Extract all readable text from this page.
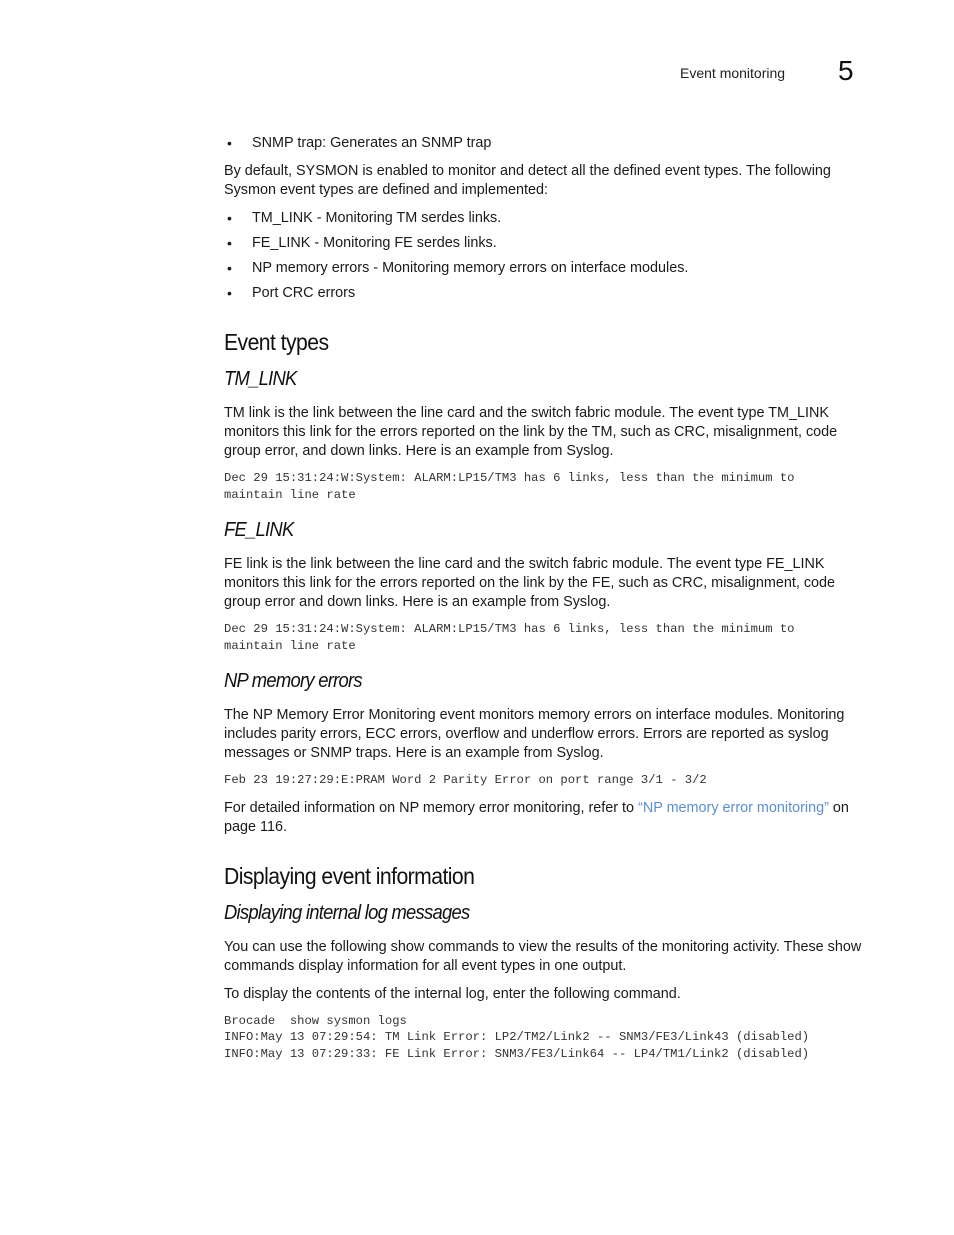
Event monitoring 5
• SNMP trap: Generates an SNMP trap

By default, SYSMON is enabled to monitor and detect all the defined event types. The following Sysmon event types are defined and implemented:

• TM_LINK - Monitoring TM serdes links.
• FE_LINK - Monitoring FE serdes links.
• NP memory errors - Monitoring memory errors on interface modules.
• Port CRC errors
Event types
TM_LINK

TM link is the link between the line card and the switch fabric module. The event type TM_LINK monitors this link for the errors reported on the link by the TM, such as CRC, misalignment, code group error, and down links. Here is an example from Syslog.

Dec 29 15:31:24:W:System: ALARM:LP15/TM3 has 6 links, less than the minimum to
maintain line rate
FE_LINK

FE link is the link between the line card and the switch fabric module. The event type FE_LINK monitors this link for the errors reported on the link by the FE, such as CRC, misalignment, code group error and down links. Here is an example from Syslog.

Dec 29 15:31:24:W:System: ALARM:LP15/TM3 has 6 links, less than the minimum to
maintain line rate
NP memory errors

The NP Memory Error Monitoring event monitors memory errors on interface modules. Monitoring includes parity errors, ECC errors, overflow and underflow errors. Errors are reported as syslog messages or SNMP traps. Here is an example from Syslog.

Feb 23 19:27:29:E:PRAM Word 2 Parity Error on port range 3/1 - 3/2

For detailed information on NP memory error monitoring, refer to “NP memory error monitoring” on page 116.

Displaying event information
Displaying internal log messages

You can use the following show commands to view the results of the monitoring activity. These show commands display information for all event types in one output.

To display the contents of the internal log, enter the following command.

Brocade  show sysmon logs
INFO:May 13 07:29:54: TM Link Error: LP2/TM2/Link2 -- SNM3/FE3/Link43 (disabled)
INFO:May 13 07:29:33: FE Link Error: SNM3/FE3/Link64 -- LP4/TM1/Link2 (disabled)
